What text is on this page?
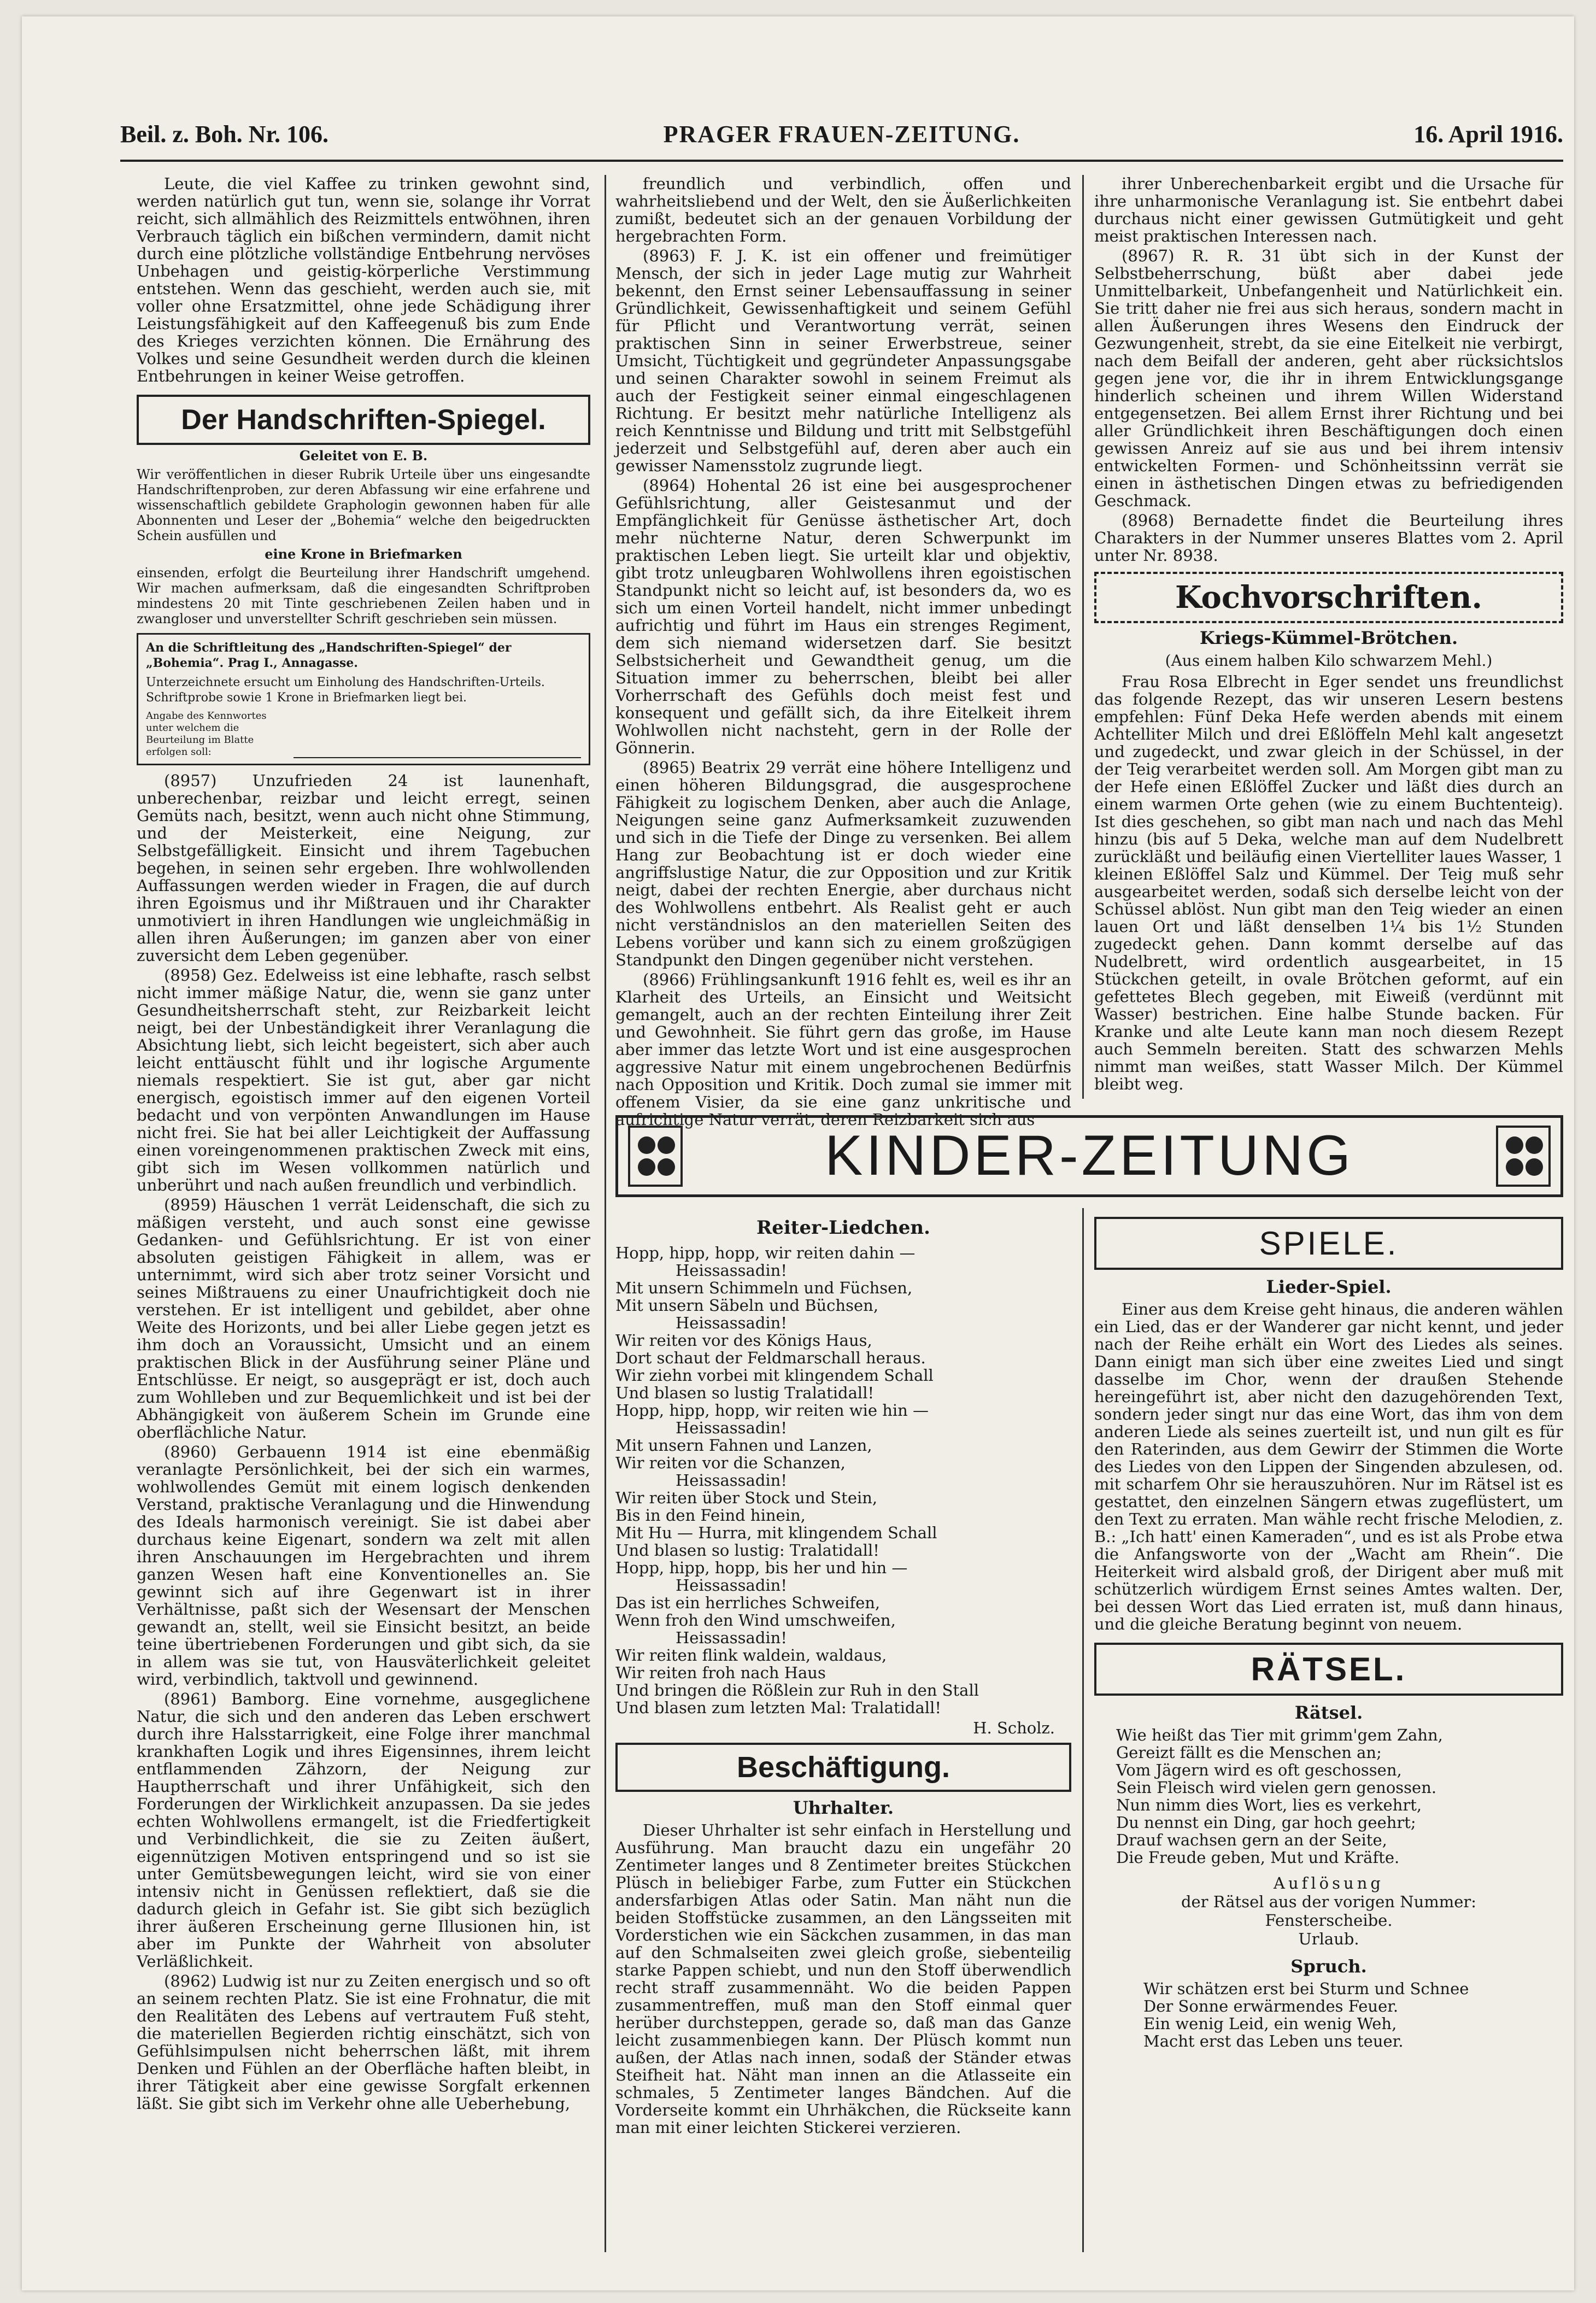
Beil. z. Boh. Nr. 106.	PRAGER FRAUEN-ZEITUNG.	16. April 1916.

Leute, die viel Kaffee zu trinken gewohnt sind, werden natürlich gut tun, wenn sie, solange ihr Vorrat reicht, sich allmählich des Reizmittels entwöhnen, ihren Verbrauch täglich ein bißchen vermindern, damit nicht durch eine plötzliche vollständige Entbehrung nervöses Unbehagen und geistig-körperliche Verstimmung entstehen. Wenn das geschieht, werden auch sie, mit voller ohne Ersatzmittel, ohne jede Schädigung ihrer Leistungsfähigkeit auf den Kaffeegenuß bis zum Ende des Krieges verzichten können. Die Ernährung des Volkes und seine Gesundheit werden durch die kleinen Entbehrungen in keiner Weise getroffen.

Der Handschriften-Spiegel.
Geleitet von E. B.

Wir veröffentlichen in dieser Rubrik Urteile über uns eingesandte Handschriftenproben, zur deren Abfassung wir eine erfahrene und wissenschaftlich gebildete Graphologin gewonnen haben für alle Abonnenten und Leser der „Bohemia“ welche den beigedruckten Schein ausfüllen und

eine Krone in Briefmarken

einsenden, erfolgt die Beurteilung ihrer Handschrift umgehend. Wir machen aufmerksam, daß die eingesandten Schriftproben mindestens 20 mit Tinte geschriebenen Zeilen haben und in zwangloser und unverstellter Schrift geschrieben sein müssen.

An die Schriftleitung des „Handschriften-Spiegel“ der „Bohemia“. Prag I., Annagasse.
Unterzeichnete ersucht um Einholung des Handschriften-Urteils. Schriftprobe sowie 1 Krone in Briefmarken liegt bei.
Angabe des Kennwortes unter welchem die Beurteilung im Blatte erfolgen soll:

(8957) Unzufrieden 24 ist launenhaft, unberechenbar, reizbar und leicht erregt, seinen Gemüts nach, besitzt, wenn auch nicht ohne Stimmung, und der Meisterkeit, eine Neigung, zur Selbstgefälligkeit. Einsicht und ihrem Tagebuchen begehen, in seinen sehr ergeben. Ihre wohlwollenden Auffassungen werden wieder in Fragen, die auf durch ihren Egoismus und ihr Mißtrauen und ihr Charakter unmotiviert in ihren Handlungen wie ungleichmäßig in allen ihren Äußerungen; im ganzen aber von einer zuversicht dem Leben gegenüber.

(8958) Gez. Edelweiss ist eine lebhafte, rasch selbst nicht immer mäßige Natur, die, wenn sie ganz unter Gesundheitsherrschaft steht, zur Reizbarkeit leicht neigt, bei der Unbeständigkeit ihrer Veranlagung die Absichtung liebt, sich leicht begeistert, sich aber auch leicht enttäuscht fühlt und ihr logische Argumente niemals respektiert. Sie ist gut, aber gar nicht energisch, egoistisch immer auf den eigenen Vorteil bedacht und von verpönten Anwandlungen im Hause nicht frei. Sie hat bei aller Leichtigkeit der Auffassung einen voreingenommenen praktischen Zweck mit eins, gibt sich im Wesen vollkommen natürlich und unberührt und nach außen freundlich und verbindlich.

(8959) Häuschen 1 verrät Leidenschaft, die sich zu mäßigen versteht, und auch sonst eine gewisse Gedanken- und Gefühlsrichtung. Er ist von einer absoluten geistigen Fähigkeit in allem, was er unternimmt, wird sich aber trotz seiner Vorsicht und seines Mißtrauens zu einer Unaufrichtigkeit doch nie verstehen. Er ist intelligent und gebildet, aber ohne Weite des Horizonts, und bei aller Liebe gegen jetzt es ihm doch an Voraussicht, Umsicht und an einem praktischen Blick in der Ausführung seiner Pläne und Entschlüsse. Er neigt, so ausgeprägt er ist, doch auch zum Wohlleben und zur Bequemlichkeit und ist bei der Abhängigkeit von äußerem Schein im Grunde eine oberflächliche Natur.

(8960) Gerbauenn 1914 ist eine ebenmäßig veranlagte Persönlichkeit, bei der sich ein warmes, wohlwollendes Gemüt mit einem logisch denkenden Verstand, praktische Veranlagung und die Hinwendung des Ideals harmonisch vereinigt. Sie ist dabei aber durchaus keine Eigenart, sondern wa zelt mit allen ihren Anschauungen im Hergebrachten und ihrem ganzen Wesen haft eine Konventionelles an. Sie gewinnt sich auf ihre Gegenwart ist in ihrer Verhältnisse, paßt sich der Wesensart der Menschen gewandt an, stellt, weil sie Einsicht besitzt, an beide teine übertriebenen Forderungen und gibt sich, da sie in allem was sie tut, von Hausväterlichkeit geleitet wird, verbindlich, taktvoll und gewinnend.

(8961) Bamborg. Eine vornehme, ausgeglichene Natur, die sich und den anderen das Leben erschwert durch ihre Halsstarrigkeit, eine Folge ihrer manchmal krankhaften Logik und ihres Eigensinnes, ihrem leicht entflammenden Zähzorn, der Neigung zur Hauptherrschaft und ihrer Unfähigkeit, sich den Forderungen der Wirklichkeit anzupassen. Da sie jedes echten Wohlwollens ermangelt, ist die Friedfertigkeit und Verbindlichkeit, die sie zu Zeiten äußert, eigennützigen Motiven entspringend und so ist sie unter Gemütsbewegungen leicht, wird sie von einer intensiv nicht in Genüssen reflektiert, daß sie die dadurch gleich in Gefahr ist. Sie gibt sich bezüglich ihrer äußeren Erscheinung gerne Illusionen hin, ist aber im Punkte der Wahrheit von absoluter Verläßlichkeit.

(8962) Ludwig ist nur zu Zeiten energisch und so oft an seinem rechten Platz. Sie ist eine Frohnatur, die mit den Realitäten des Lebens auf vertrautem Fuß steht, die materiellen Begierden richtig einschätzt, sich von Gefühlsimpulsen nicht beherrschen läßt, mit ihrem Denken und Fühlen an der Oberfläche haften bleibt, in ihrer Tätigkeit aber eine gewisse Sorgfalt erkennen läßt. Sie gibt sich im Verkehr ohne alle Ueberhebung,

freundlich und verbindlich, offen und wahrheitsliebend und der Welt, den sie Äußerlichkeiten zumißt, bedeutet sich an der genauen Vorbildung der hergebrachten Form.

(8963) F. J. K. ist ein offener und freimütiger Mensch, der sich in jeder Lage mutig zur Wahrheit bekennt, den Ernst seiner Lebensauffassung in seiner Gründlichkeit, Gewissenhaftigkeit und seinem Gefühl für Pflicht und Verantwortung verrät, seinen praktischen Sinn in seiner Erwerbstreue, seiner Umsicht, Tüchtigkeit und gegründeter Anpassungsgabe und seinen Charakter sowohl in seinem Freimut als auch der Festigkeit seiner einmal eingeschlagenen Richtung. Er besitzt mehr natürliche Intelligenz als reich Kenntnisse und Bildung und tritt mit Selbstgefühl jederzeit und Selbstgefühl auf, deren aber auch ein gewisser Namensstolz zugrunde liegt.

(8964) Hohental 26 ist eine bei ausgesprochener Gefühlsrichtung, aller Geistesanmut und der Empfänglichkeit für Genüsse ästhetischer Art, doch mehr nüchterne Natur, deren Schwerpunkt im praktischen Leben liegt. Sie urteilt klar und objektiv, gibt trotz unleugbaren Wohlwollens ihren egoistischen Standpunkt nicht so leicht auf, ist besonders da, wo es sich um einen Vorteil handelt, nicht immer unbedingt aufrichtig und führt im Haus ein strenges Regiment, dem sich niemand widersetzen darf. Sie besitzt Selbstsicherheit und Gewandtheit genug, um die Situation immer zu beherrschen, bleibt bei aller Vorherrschaft des Gefühls doch meist fest und konsequent und gefällt sich, da ihre Eitelkeit ihrem Wohlwollen nicht nachsteht, gern in der Rolle der Gönnerin.

(8965) Beatrix 29 verrät eine höhere Intelligenz und einen höheren Bildungsgrad, die ausgesprochene Fähigkeit zu logischem Denken, aber auch die Anlage, Neigungen seine ganz Aufmerksamkeit zuzuwenden und sich in die Tiefe der Dinge zu versenken. Bei allem Hang zur Beobachtung ist er doch wieder eine angriffslustige Natur, die zur Opposition und zur Kritik neigt, dabei der rechten Energie, aber durchaus nicht des Wohlwollens entbehrt. Als Realist geht er auch nicht verständnislos an den materiellen Seiten des Lebens vorüber und kann sich zu einem großzügigen Standpunkt den Dingen gegenüber nicht verstehen.

(8966) Frühlingsankunft 1916 fehlt es, weil es ihr an Klarheit des Urteils, an Einsicht und Weitsicht gemangelt, auch an der rechten Einteilung ihrer Zeit und Gewohnheit. Sie führt gern das große, im Hause aber immer das letzte Wort und ist eine ausgesprochen aggressive Natur mit einem ungebrochenen Bedürfnis nach Opposition und Kritik. Doch zumal sie immer mit offenem Visier, da sie eine ganz unkritische und aufrichtige Natur verrät, deren Reizbarkeit sich aus

ihrer Unberechenbarkeit ergibt und die Ursache für ihre unharmonische Veranlagung ist. Sie entbehrt dabei durchaus nicht einer gewissen Gutmütigkeit und geht meist praktischen Interessen nach.

(8967) R. R. 31 übt sich in der Kunst der Selbstbeherrschung, büßt aber dabei jede Unmittelbarkeit, Unbefangenheit und Natürlichkeit ein. Sie tritt daher nie frei aus sich heraus, sondern macht in allen Äußerungen ihres Wesens den Eindruck der Gezwungenheit, strebt, da sie eine Eitelkeit nie verbirgt, nach dem Beifall der anderen, geht aber rücksichtslos gegen jene vor, die ihr in ihrem Entwicklungsgange hinderlich scheinen und ihrem Willen Widerstand entgegensetzen. Bei allem Ernst ihrer Richtung und bei aller Gründlichkeit ihren Beschäftigungen doch einen gewissen Anreiz auf sie aus und bei ihrem intensiv entwickelten Formen- und Schönheitssinn verrät sie einen in ästhetischen Dingen etwas zu befriedigenden Geschmack.

(8968) Bernadette findet die Beurteilung ihres Charakters in der Nummer unseres Blattes vom 2. April unter Nr. 8938.

Kochvorschriften.
Kriegs-Kümmel-Brötchen.
(Aus einem halben Kilo schwarzem Mehl.)

Frau Rosa Elbrecht in Eger sendet uns freundlichst das folgende Rezept, das wir unseren Lesern bestens empfehlen: Fünf Deka Hefe werden abends mit einem Achtelliter Milch und drei Eßlöffeln Mehl kalt angesetzt und zugedeckt, und zwar gleich in der Schüssel, in der der Teig verarbeitet werden soll. Am Morgen gibt man zu der Hefe einen Eßlöffel Zucker und läßt dies durch an einem warmen Orte gehen (wie zu einem Buchtenteig). Ist dies geschehen, so gibt man nach und nach das Mehl hinzu (bis auf 5 Deka, welche man auf dem Nudelbrett zurückläßt und beiläufig einen Viertelliter laues Wasser, 1 kleinen Eßlöffel Salz und Kümmel. Der Teig muß sehr ausgearbeitet werden, sodaß sich derselbe leicht von der Schüssel ablöst. Nun gibt man den Teig wieder an einen lauen Ort und läßt denselben 1¼ bis 1½ Stunden zugedeckt gehen. Dann kommt derselbe auf das Nudelbrett, wird ordentlich ausgearbeitet, in 15 Stückchen geteilt, in ovale Brötchen geformt, auf ein gefettetes Blech gegeben, mit Eiweiß (verdünnt mit Wasser) bestrichen. Eine halbe Stunde backen. Für Kranke und alte Leute kann man noch diesem Rezept auch Semmeln bereiten. Statt des schwarzen Mehls nimmt man weißes, statt Wasser Milch. Der Kümmel bleibt weg.

KINDER-ZEITUNG
Reiter-Liedchen.
Hopp, hipp, hopp, wir reiten dahin —
Heissassadin!
Mit unsern Schimmeln und Füchsen,
Mit unsern Säbeln und Büchsen,
Heissassadin!
Wir reiten vor des Königs Haus,
Dort schaut der Feldmarschall heraus.
Wir ziehn vorbei mit klingendem Schall
Und blasen so lustig Tralatidall!
Hopp, hipp, hopp, wir reiten wie hin —
Heissassadin!
Mit unsern Fahnen und Lanzen,
Wir reiten vor die Schanzen,
Heissassadin!
Wir reiten über Stock und Stein,
Bis in den Feind hinein,
Mit Hu — Hurra, mit klingendem Schall
Und blasen so lustig: Tralatidall!
Hopp, hipp, hopp, bis her und hin —
Heissassadin!
Das ist ein herrliches Schweifen,
Wenn froh den Wind umschweifen,
Heissassadin!
Wir reiten flink waldein, waldaus,
Wir reiten froh nach Haus
Und bringen die Rößlein zur Ruh in den Stall
Und blasen zum letzten Mal: Tralatidall!
H. Scholz.
Beschäftigung.
Uhrhalter.

Dieser Uhrhalter ist sehr einfach in Herstellung und Ausführung. Man braucht dazu ein ungefähr 20 Zentimeter langes und 8 Zentimeter breites Stückchen Plüsch in beliebiger Farbe, zum Futter ein Stückchen andersfarbigen Atlas oder Satin. Man näht nun die beiden Stoffstücke zusammen, an den Längsseiten mit Vorderstichen wie ein Säckchen zusammen, in das man auf den Schmalseiten zwei gleich große, siebenteilig starke Pappen schiebt, und nun den Stoff überwendlich recht straff zusammennäht. Wo die beiden Pappen zusammentreffen, muß man den Stoff einmal quer herüber durchsteppen, gerade so, daß man das Ganze leicht zusammenbiegen kann. Der Plüsch kommt nun außen, der Atlas nach innen, sodaß der Ständer etwas Steifheit hat. Näht man innen an die Atlasseite ein schmales, 5 Zentimeter langes Bändchen. Auf die Vorderseite kommt ein Uhrhäkchen, die Rückseite kann man mit einer leichten Stickerei verzieren.

SPIELE.
Lieder-Spiel.

Einer aus dem Kreise geht hinaus, die anderen wählen ein Lied, das er der Wanderer gar nicht kennt, und jeder nach der Reihe erhält ein Wort des Liedes als seines. Dann einigt man sich über eine zweites Lied und singt dasselbe im Chor, wenn der draußen Stehende hereingeführt ist, aber nicht den dazugehörenden Text, sondern jeder singt nur das eine Wort, das ihm von dem anderen Liede als seines zuerteilt ist, und nun gilt es für den Raterinden, aus dem Gewirr der Stimmen die Worte des Liedes von den Lippen der Singenden abzulesen, od. mit scharfem Ohr sie herauszuhören. Nur im Rätsel ist es gestattet, den einzelnen Sängern etwas zugeflüstert, um den Text zu erraten. Man wähle recht frische Melodien, z. B.: „Ich hatt' einen Kameraden“, und es ist als Probe etwa die Anfangsworte von der „Wacht am Rhein“. Die Heiterkeit wird alsbald groß, der Dirigent aber muß mit schützerlich würdigem Ernst seines Amtes walten. Der, bei dessen Wort das Lied erraten ist, muß dann hinaus, und die gleiche Beratung beginnt von neuem.

RÄTSEL.
Rätsel.
Wie heißt das Tier mit grimm'gem Zahn,
Gereizt fällt es die Menschen an;
Vom Jägern wird es oft geschossen,
Sein Fleisch wird vielen gern genossen.
Nun nimm dies Wort, lies es verkehrt,
Du nennst ein Ding, gar hoch geehrt;
Drauf wachsen gern an der Seite,
Die Freude geben, Mut und Kräfte.
Auflösung
der Rätsel aus der vorigen Nummer:
Fensterscheibe.
Urlaub.
Spruch.
Wir schätzen erst bei Sturm und Schnee
Der Sonne erwärmendes Feuer.
Ein wenig Leid, ein wenig Weh,
Macht erst das Leben uns teuer.
